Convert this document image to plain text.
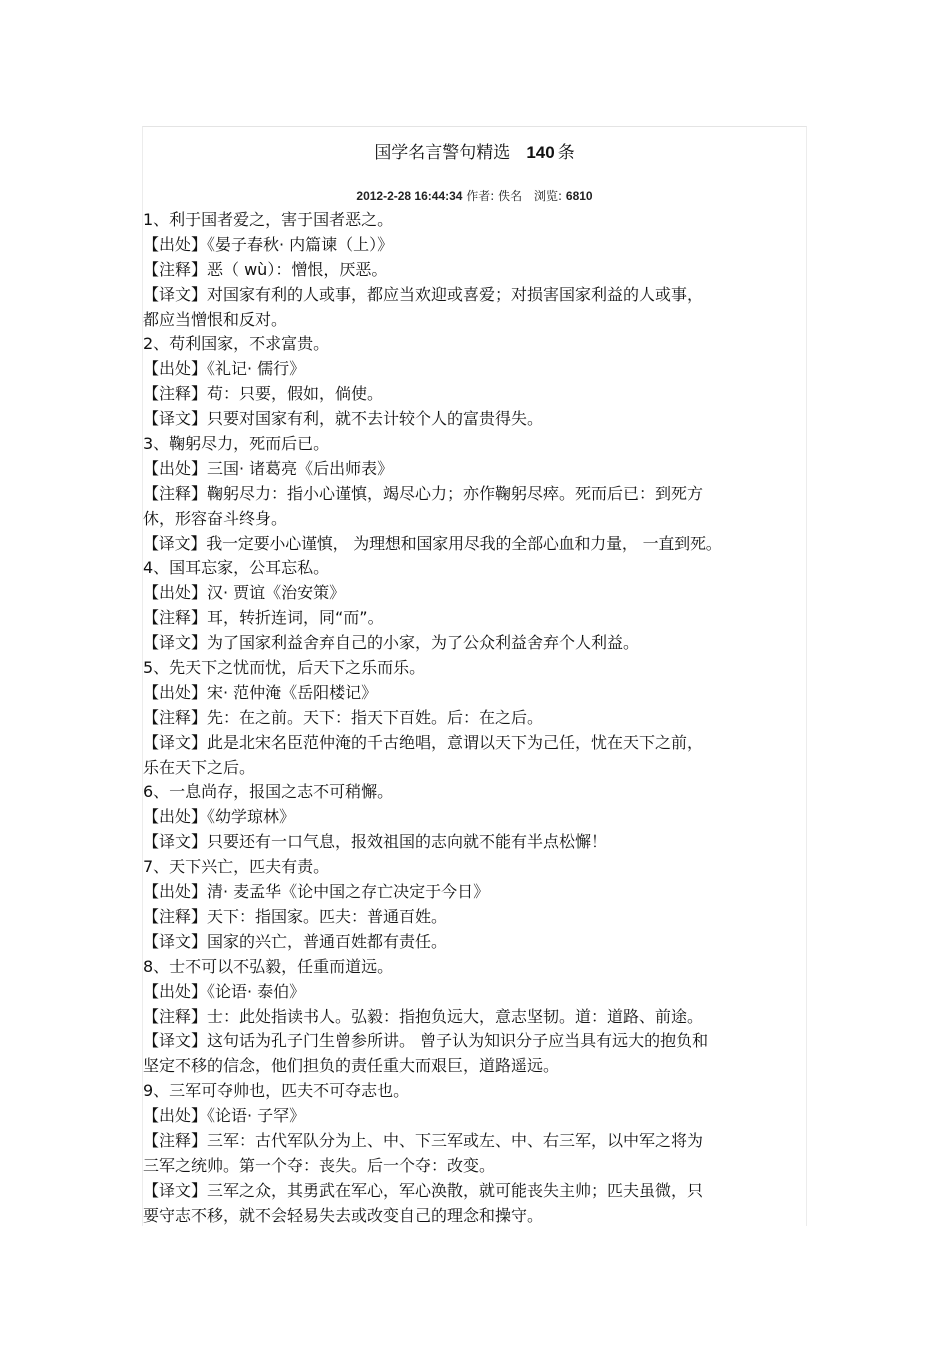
国学名言警句精选 140 条
2012-2-28 16:44:34 作者: 佚名 浏览: 6810
1、利于国者爱之，害于国者恶之。
【出处】《晏子春秋· 内篇谏（上）》
【注释】恶（ wù）：憎恨，厌恶。
【译文】对国家有利的人或事，都应当欢迎或喜爱；对损害国家利益的人或事，
都应当憎恨和反对。
2、苟利国家，不求富贵。
【出处】《礼记· 儒行》
【注释】苟：只要，假如，倘使。
【译文】只要对国家有利，就不去计较个人的富贵得失。
3、鞠躬尽力，死而后已。
【出处】三国· 诸葛亮《后出师表》
【注释】鞠躬尽力：指小心谨慎，竭尽心力；亦作鞠躬尽瘁。死而后已：到死方
休，形容奋斗终身。
【译文】我一定要小心谨慎， 为理想和国家用尽我的全部心血和力量， 一直到死。
4、国耳忘家，公耳忘私。
【出处】汉· 贾谊《治安策》
【注释】耳，转折连词，同“而”。
【译文】为了国家利益舍弃自己的小家，为了公众利益舍弃个人利益。
5、先天下之忧而忧，后天下之乐而乐。
【出处】宋· 范仲淹《岳阳楼记》
【注释】先：在之前。天下：指天下百姓。后：在之后。
【译文】此是北宋名臣范仲淹的千古绝唱，意谓以天下为己任，忧在天下之前，
乐在天下之后。
6、一息尚存，报国之志不可稍懈。
【出处】《幼学琼林》
【译文】只要还有一口气息，报效祖国的志向就不能有半点松懈！
7、天下兴亡，匹夫有责。
【出处】清· 麦孟华《论中国之存亡决定于今日》
【注释】天下：指国家。匹夫：普通百姓。
【译文】国家的兴亡，普通百姓都有责任。
8、士不可以不弘毅，任重而道远。
【出处】《论语· 泰伯》
【注释】士：此处指读书人。弘毅：指抱负远大，意志坚韧。道：道路、前途。
【译文】这句话为孔子门生曾参所讲。 曾子认为知识分子应当具有远大的抱负和
坚定不移的信念，他们担负的责任重大而艰巨，道路遥远。
9、三军可夺帅也，匹夫不可夺志也。
【出处】《论语· 子罕》
【注释】三军：古代军队分为上、中、下三军或左、中、右三军，以中军之将为
三军之统帅。第一个夺：丧失。后一个夺：改变。
【译文】三军之众，其勇武在军心，军心涣散，就可能丧失主帅；匹夫虽微，只
要守志不移，就不会轻易失去或改变自己的理念和操守。
